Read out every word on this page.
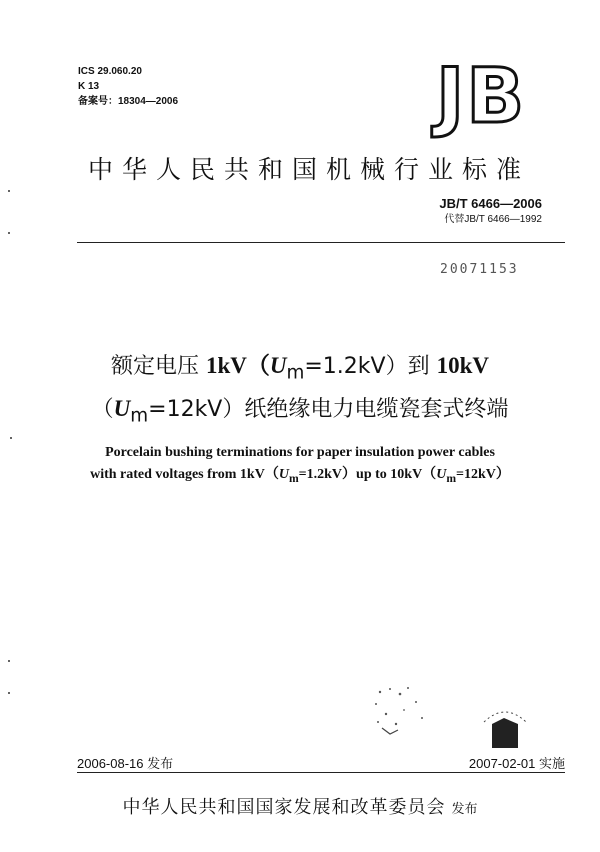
ICS 29.060.20
K 13
备案号：18304—2006	JB
中华人民共和国机械行业标准
JB/T 6466—2006
代替JB/T 6466—1992
20071153
额定电压 $1kV(U_m=1.2kV)$到 10kV
$(U_m=12kV)$纸绝缘电力电缆瓷套式终端
Porcelain bushing terminations for paper insulation power cables
with rated voltages from $1kV(U_m=1.2kV)up$ to $10kV(U_m=12kV)$
2006-08-16 发布	2007-02-01 实施
中华人民共和国国家发展和改革委员会 发布
